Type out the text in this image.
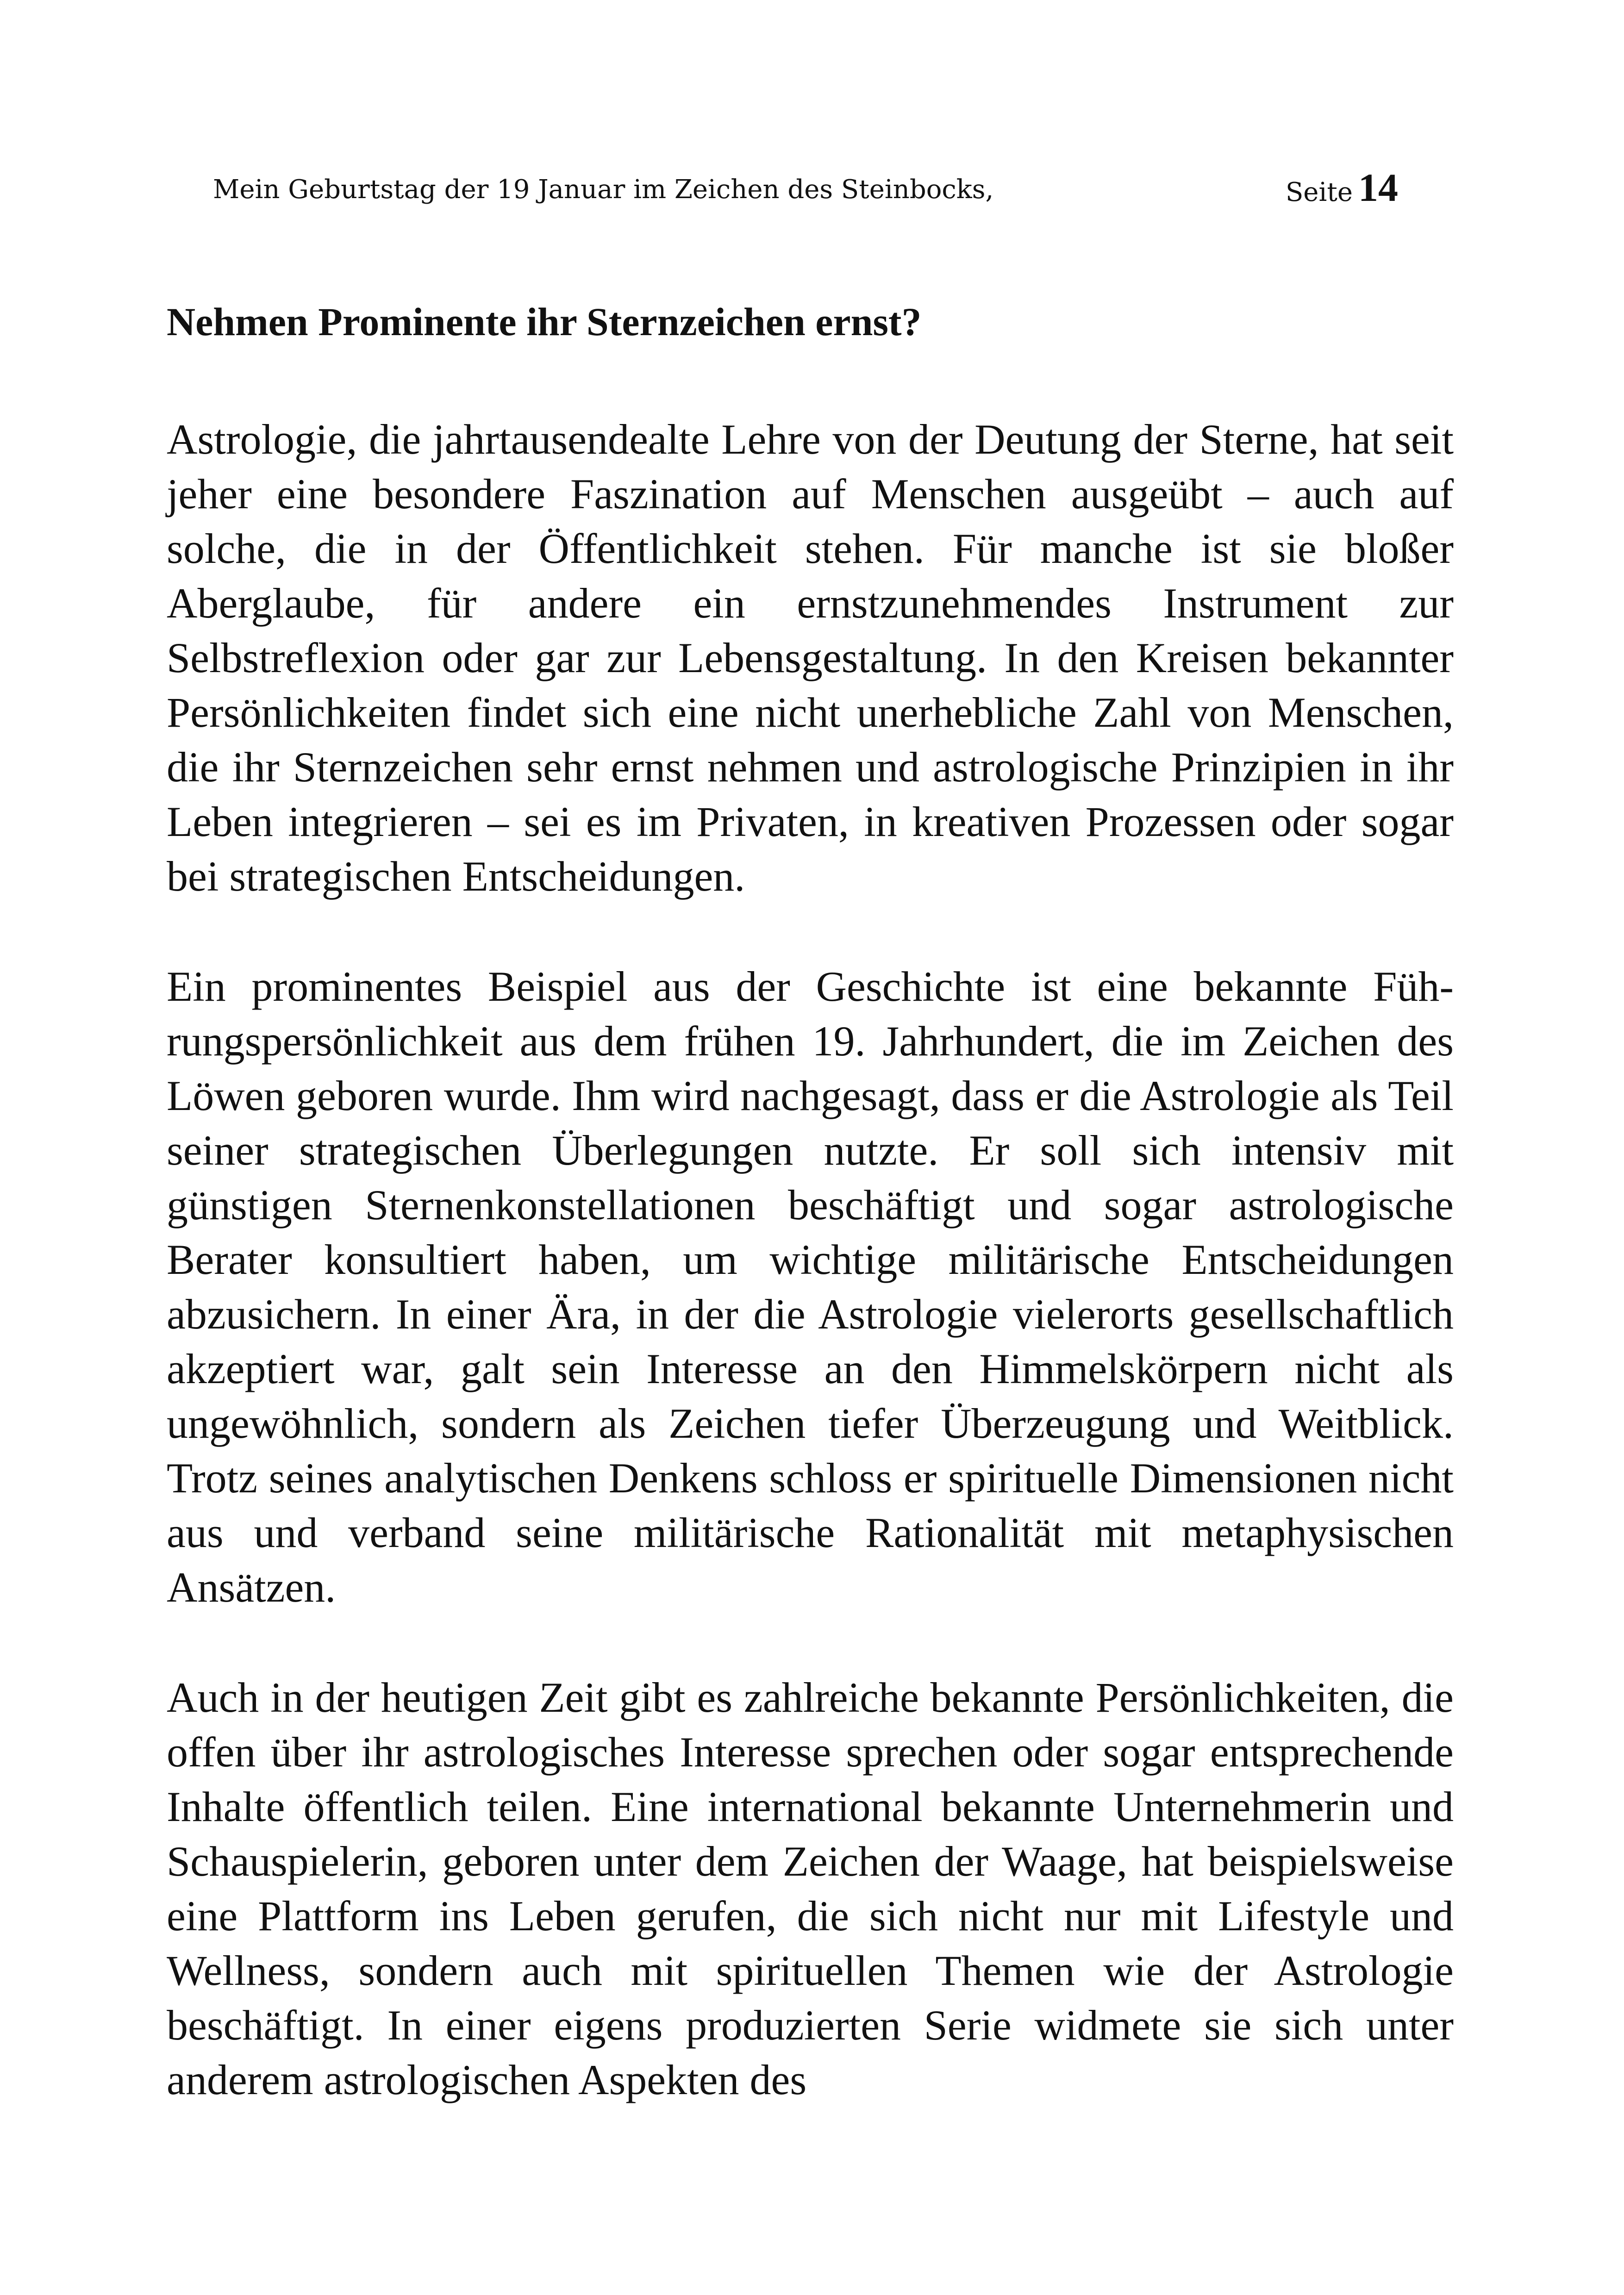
Mein Geburtstag der 19 Januar im Zeichen des Steinbocks,	Seite 14
Nehmen Prominente ihr Sternzeichen ernst?

Astrologie, die jahrtausendealte Lehre von der Deutung der Sterne, hat seit jeher eine besondere Faszination auf Menschen ausgeübt – auch auf solche, die in der Öffentlichkeit stehen. Für manche ist sie bloßer Aberglaube, für andere ein ernstzunehmendes Instrument zur Selbstreflexion oder gar zur Lebensgestaltung. In den Kreisen bekannter Persönlichkeiten findet sich eine nicht unerhebliche Zahl von Menschen, die ihr Sternzeichen sehr ernst nehmen und astrologische Prinzipien in ihr Leben integrieren – sei es im Privaten, in kreativen Prozessen oder sogar bei strategischen Entscheidungen.

Ein prominentes Beispiel aus der Geschichte ist eine bekannte Führungspersönlichkeit aus dem frühen 19. Jahrhundert, die im Zeichen des Löwen geboren wurde. Ihm wird nachgesagt, dass er die Astrologie als Teil seiner strategischen Überlegungen nutzte. Er soll sich intensiv mit günstigen Sternenkonstellationen beschäftigt und sogar astrologische Berater konsultiert haben, um wichtige militärische Entscheidungen abzusichern. In einer Ära, in der die Astrologie vielerorts gesellschaftlich akzeptiert war, galt sein Interesse an den Himmelskörpern nicht als ungewöhnlich, sondern als Zeichen tiefer Überzeugung und Weitblick. Trotz seines analytischen Denkens schloss er spirituelle Dimensionen nicht aus und verband seine militärische Rationalität mit metaphysischen Ansätzen.

Auch in der heutigen Zeit gibt es zahlreiche bekannte Persönlichkeiten, die offen über ihr astrologisches Interesse sprechen oder sogar entsprechende Inhalte öffentlich teilen. Eine international bekannte Unternehmerin und Schauspielerin, geboren unter dem Zeichen der Waage, hat beispielsweise eine Plattform ins Leben gerufen, die sich nicht nur mit Lifestyle und Wellness, sondern auch mit spirituellen Themen wie der Astrologie beschäftigt. In einer eigens produzierten Serie widmete sie sich unter anderem astrologischen Aspekten des
